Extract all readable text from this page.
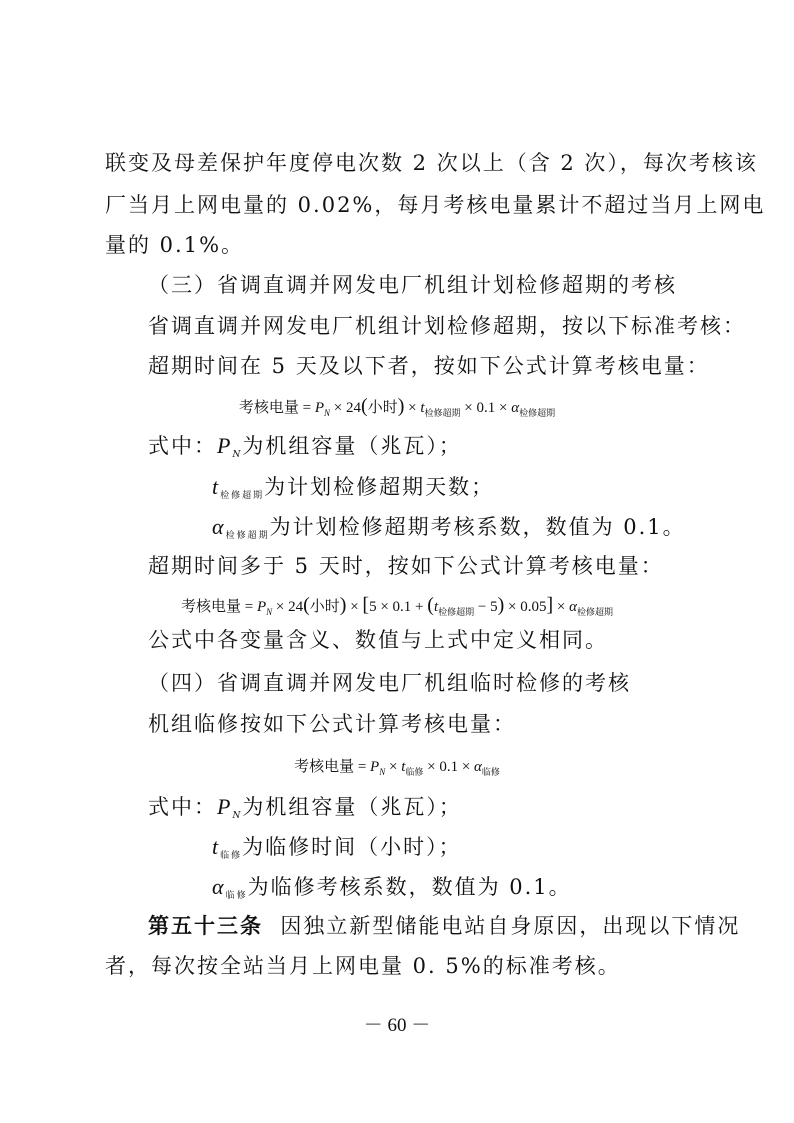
联变及母差保护年度停电次数 2 次以上（含 2 次），每次考核该
厂当月上网电量的 0.02%，每月考核电量累计不超过当月上网电
量的 0.1%。
（三）省调直调并网发电厂机组计划检修超期的考核
省调直调并网发电厂机组计划检修超期，按以下标准考核：
超期时间在 5 天及以下者，按如下公式计算考核电量：
考核电量 = $P_N \times 24$(小时) × $t_{检修超期} \times 0.1 \times \alpha_{检修超期}$
式中：$P_N$为机组容量（兆瓦）；
$t_{检修超期}$为计划检修超期天数；
$\alpha_{检修超期}$为计划检修超期考核系数，数值为 0.1。
超期时间多于 5 天时，按如下公式计算考核电量：
考核电量 = $P_N \times 24$(小时) × $[5 \times 0.1 + (t_{检修超期} - 5) \times 0.05] \times \alpha_{检修超期}$
公式中各变量含义、数值与上式中定义相同。
（四）省调直调并网发电厂机组临时检修的考核
机组临修按如下公式计算考核电量：
考核电量 = $P_N \times t_{临修} \times 0.1 \times \alpha_{临修}$
式中：$P_N$为机组容量（兆瓦）；
$t_{临修}$为临修时间（小时）；
$\alpha_{临修}$为临修考核系数，数值为 0.1。
第五十三条 因独立新型储能电站自身原因，出现以下情况
者，每次按全站当月上网电量 0. 5%的标准考核。
－ 60 －
